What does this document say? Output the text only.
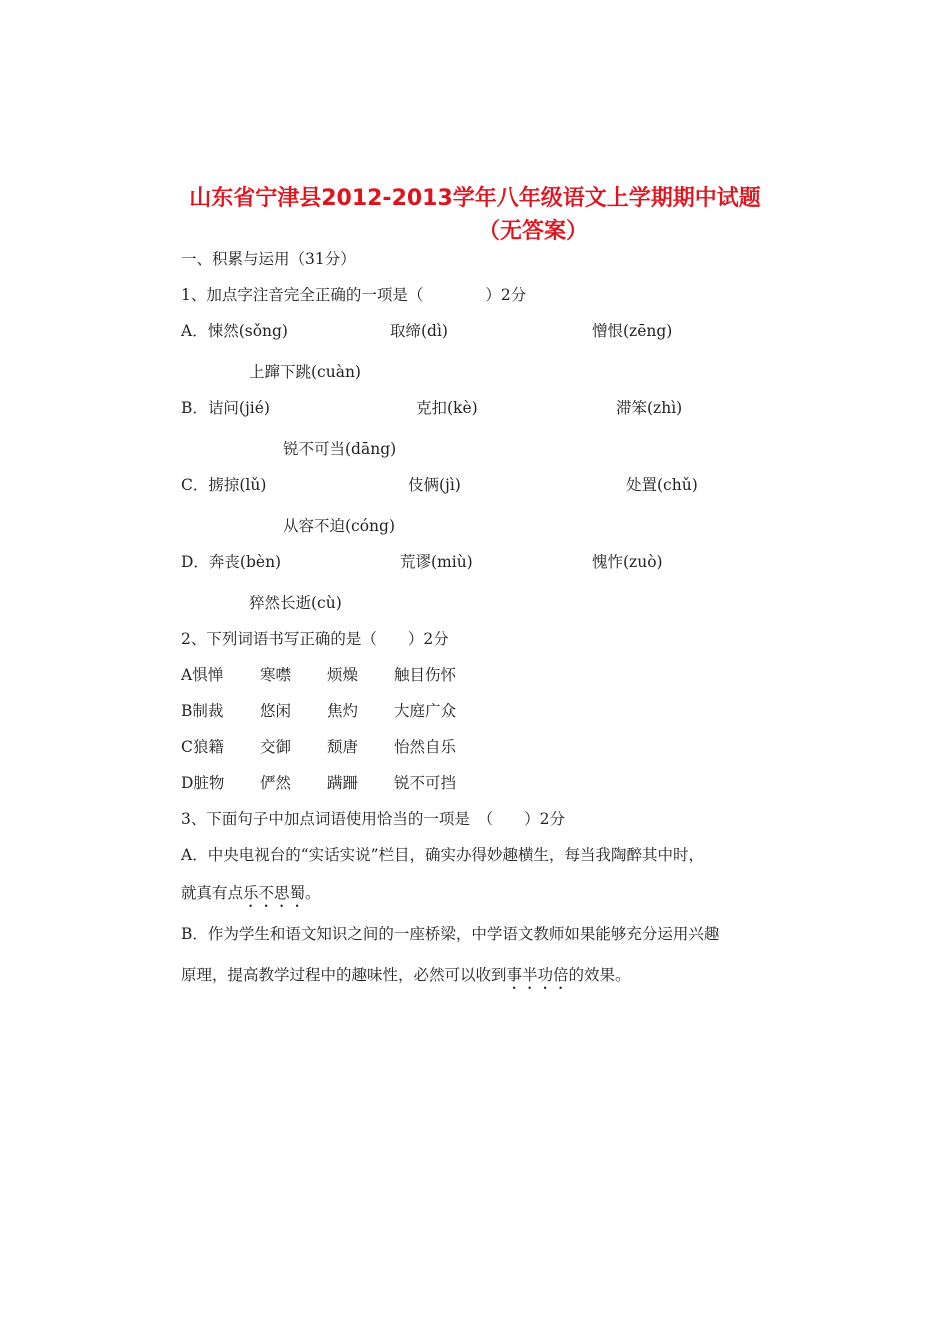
山东省宁津县2012-2013学年八年级语文上学期期中试题
（无答案）
一、积累与运用（31分）
1、加点字注音完全正确的一项是（　　　　）2分
A．悚然(sǒng)	取缔(dì)	憎恨(zēng)
上蹿下跳(cuàn)
B．诘问(jié)	克扣(kè)	滞笨(zhì)
锐不可当(dāng)
C．掳掠(lǔ)	伎俩(jì)	处置(chǔ)
从容不迫(cóng)
D．奔丧(bèn)	荒谬(miù)	愧怍(zuò)
猝然长逝(cù)
2、下列词语书写正确的是（　　）2分
A惧惮 寒噤 烦燥 触目伤怀
B制裁 悠闲 焦灼 大庭广众
C狼籍 交御 颓唐 怡然自乐
D脏物 俨然 蹒跚 锐不可挡
3、下面句子中加点词语使用恰当的一项是　（　　）2分
A．中央电视台的“实话实说”栏目，确实办得妙趣横生，每当我陶醉其中时，
就真有点乐不思蜀。
B．作为学生和语文知识之间的一座桥梁，中学语文教师如果能够充分运用兴趣
原理，提高教学过程中的趣味性，必然可以收到事半功倍的效果。
